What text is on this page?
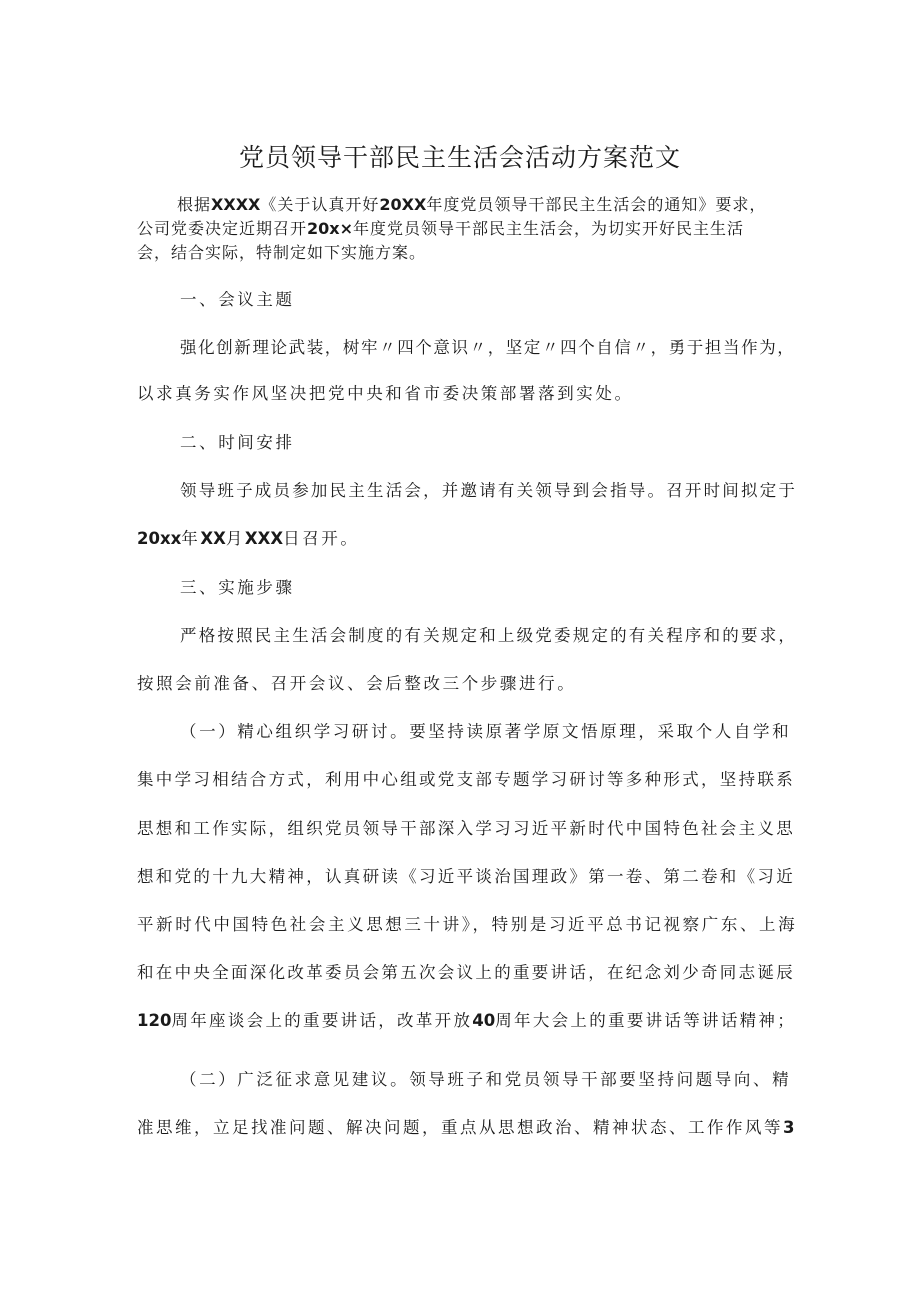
党员领导干部民主生活会活动方案范文
根据XXXX《关于认真开好20XX年度党员领导干部民主生活会的通知》要求，
公司党委决定近期召开20x×年度党员领导干部民主生活会，为切实开好民主生活
会，结合实际，特制定如下实施方案。

一、会议主题

强化创新理论武装，树牢〃四个意识〃，坚定〃四个自信〃，勇于担当作为，

以求真务实作风坚决把党中央和省市委决策部署落到实处。

二、时间安排

领导班子成员参加民主生活会，并邀请有关领导到会指导。召开时间拟定于

20xx年XX月XXX日召开。

三、实施步骤

严格按照民主生活会制度的有关规定和上级党委规定的有关程序和的要求，

按照会前准备、召开会议、会后整改三个步骤进行。

（一）精心组织学习研讨。要坚持读原著学原文悟原理，采取个人自学和

集中学习相结合方式，利用中心组或党支部专题学习研讨等多种形式，坚持联系

思想和工作实际，组织党员领导干部深入学习习近平新时代中国特色社会主义思

想和党的十九大精神，认真研读《习近平谈治国理政》第一卷、第二卷和《习近

平新时代中国特色社会主义思想三十讲》，特别是习近平总书记视察广东、上海

和在中央全面深化改革委员会第五次会议上的重要讲话，在纪念刘少奇同志诞辰

120周年座谈会上的重要讲话，改革开放40周年大会上的重要讲话等讲话精神；

（二）广泛征求意见建议。领导班子和党员领导干部要坚持问题导向、精

准思维，立足找准问题、解决问题，重点从思想政治、精神状态、工作作风等3
